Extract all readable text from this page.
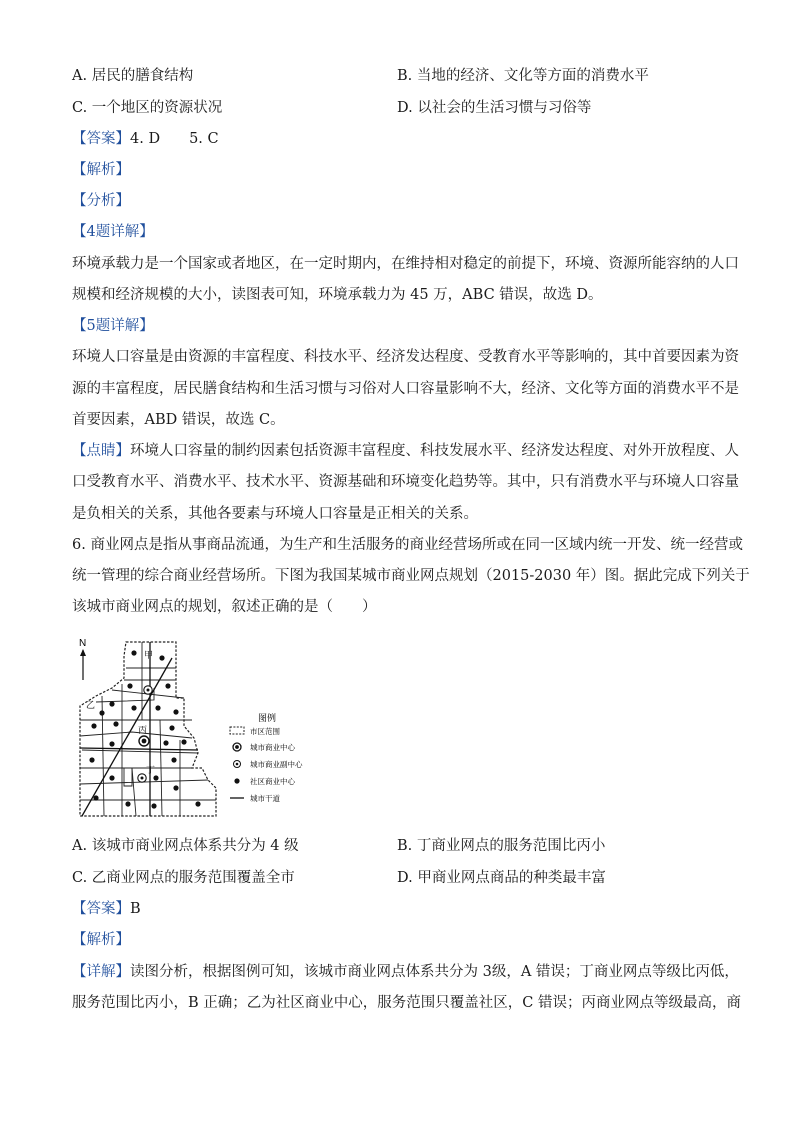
A. 居民的膳食结构	B. 当地的经济、文化等方面的消费水平
C. 一个地区的资源状况	D. 以社会的生活习惯与习俗等
【答案】4. D　　5. C
【解析】
【分析】
【4题详解】
环境承载力是一个国家或者地区，在一定时期内，在维持相对稳定的前提下，环境、资源所能容纳的人口
规模和经济规模的大小，读图表可知，环境承载力为 45 万，ABC 错误，故选 D。
【5题详解】
环境人口容量是由资源的丰富程度、科技水平、经济发达程度、受教育水平等影响的，其中首要因素为资
源的丰富程度，居民膳食结构和生活习惯与习俗对人口容量影响不大，经济、文化等方面的消费水平不是
首要因素，ABD 错误，故选 C。
【点睛】环境人口容量的制约因素包括资源丰富程度、科技发展水平、经济发达程度、对外开放程度、人
口受教育水平、消费水平、技术水平、资源基础和环境变化趋势等。其中，只有消费水平与环境人口容量
是负相关的关系，其他各要素与环境人口容量是正相关的关系。
6. 商业网点是指从事商品流通，为生产和生活服务的商业经营场所或在同一区域内统一开发、统一经营或
统一管理的综合商业经营场所。下图为我国某城市商业网点规划（2015-2030 年）图。据此完成下列关于
该城市商业网点的规划，叙述正确的是（　　）
N
甲
乙
丙
丁
图例
市区范围
城市商业中心
城市商业副中心
社区商业中心
城市干道
A. 该城市商业网点体系共分为 4 级	B. 丁商业网点的服务范围比丙小
C. 乙商业网点的服务范围覆盖全市	D. 甲商业网点商品的种类最丰富
【答案】B
【解析】
【详解】读图分析，根据图例可知，该城市商业网点体系共分为 3级，A 错误；丁商业网点等级比丙低，
服务范围比丙小，B 正确；乙为社区商业中心，服务范围只覆盖社区，C 错误；丙商业网点等级最高，商
